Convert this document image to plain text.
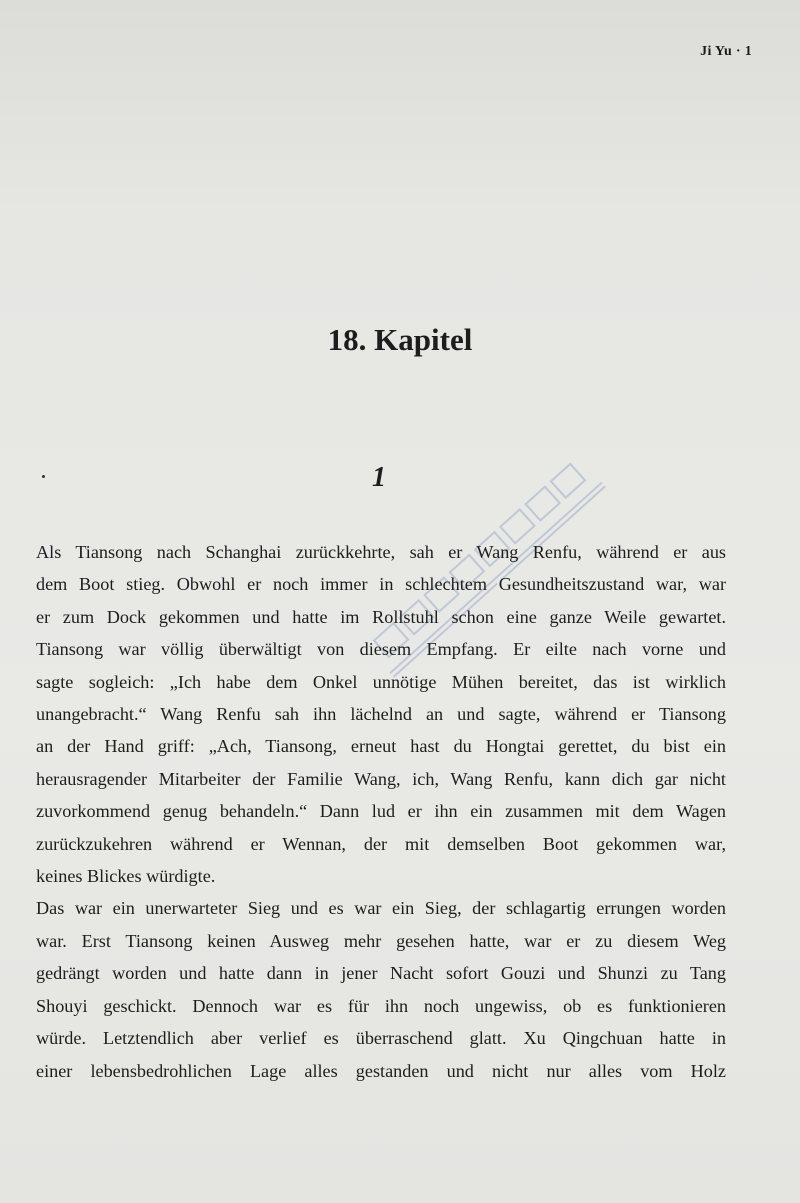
Ji Yu · 1
18. Kapitel
1
Als Tiansong nach Schanghai zurückkehrte, sah er Wang Renfu, während er aus
dem Boot stieg. Obwohl er noch immer in schlechtem Gesundheitszustand war, war
er zum Dock gekommen und hatte im Rollstuhl schon eine ganze Weile gewartet.
Tiansong war völlig überwältigt von diesem Empfang. Er eilte nach vorne und
sagte sogleich: „Ich habe dem Onkel unnötige Mühen bereitet, das ist wirklich
unangebracht.“ Wang Renfu sah ihn lächelnd an und sagte, während er Tiansong
an der Hand griff: „Ach, Tiansong, erneut hast du Hongtai gerettet, du bist ein
herausragender Mitarbeiter der Familie Wang, ich, Wang Renfu, kann dich gar nicht
zuvorkommend genug behandeln.“ Dann lud er ihn ein zusammen mit dem Wagen
zurückzukehren während er Wennan, der mit demselben Boot gekommen war,
keines Blickes würdigte.
Das war ein unerwarteter Sieg und es war ein Sieg, der schlagartig errungen worden
war. Erst Tiansong keinen Ausweg mehr gesehen hatte, war er zu diesem Weg
gedrängt worden und hatte dann in jener Nacht sofort Gouzi und Shunzi zu Tang
Shouyi geschickt. Dennoch war es für ihn noch ungewiss, ob es funktionieren
würde. Letztendlich aber verlief es überraschend glatt. Xu Qingchuan hatte in
einer lebensbedrohlichen Lage alles gestanden und nicht nur alles vom Holz
